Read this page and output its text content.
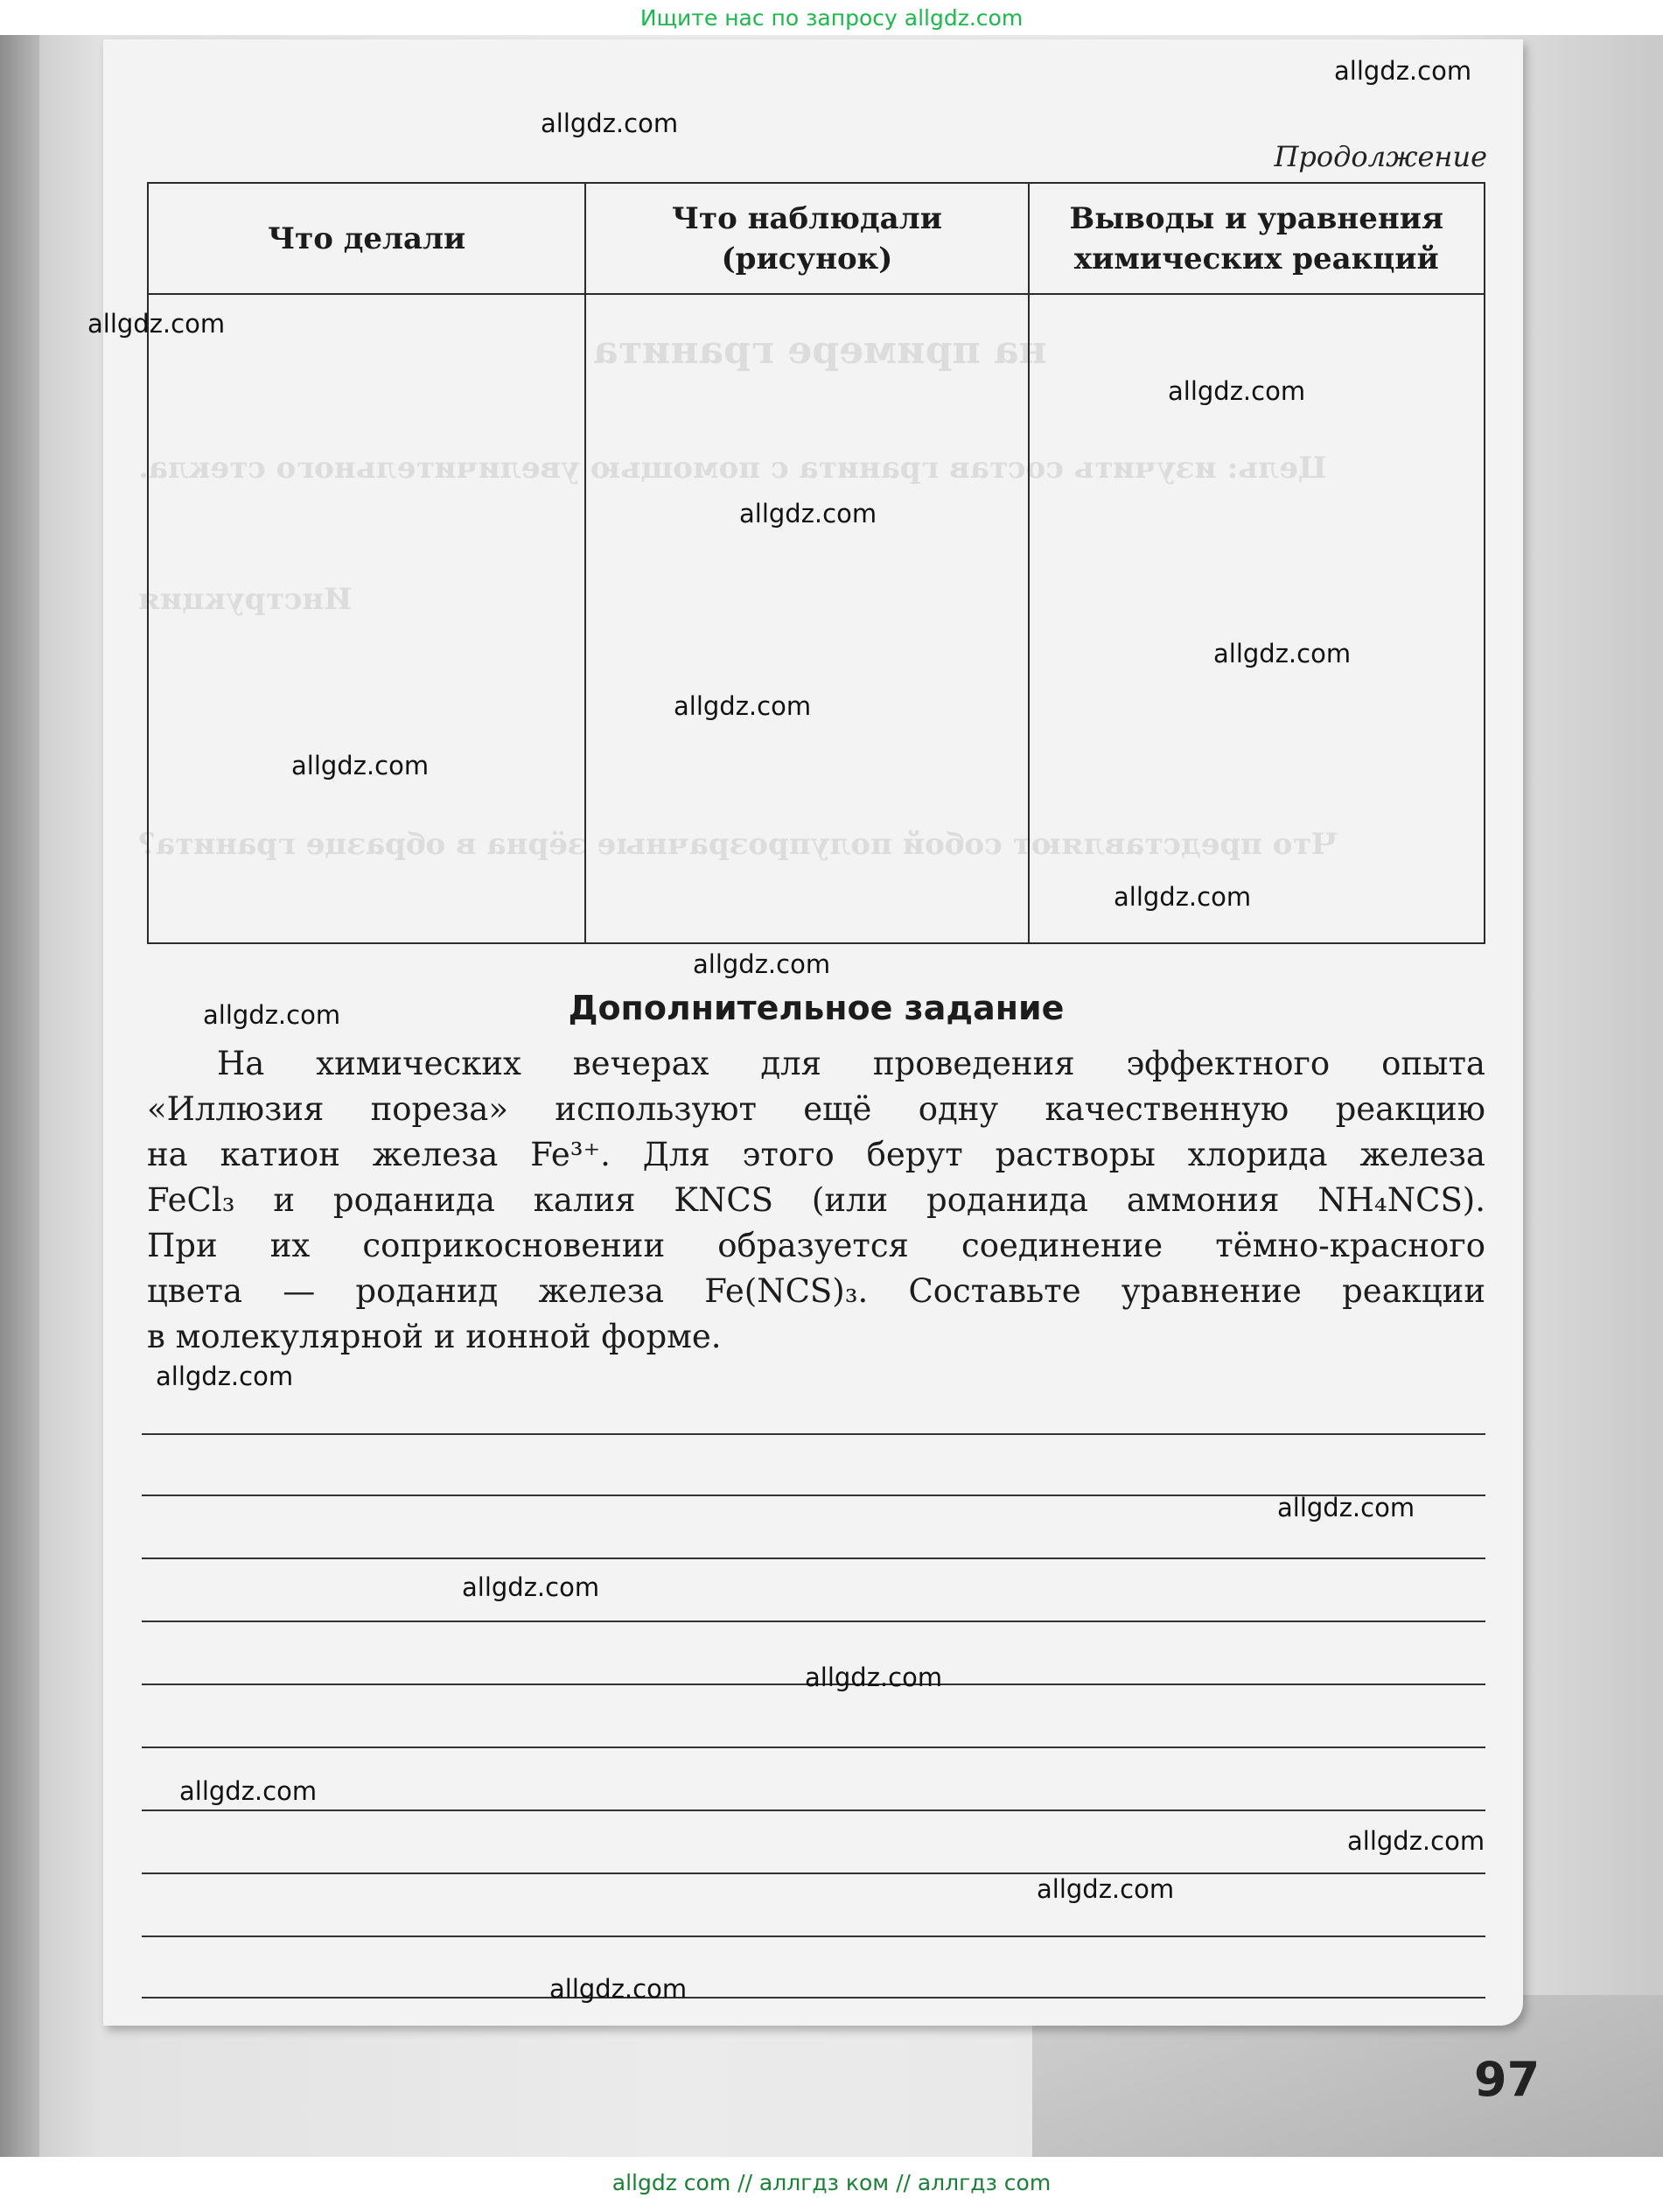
на примере гранита
Цель: изучить состав гранита с помощью увеличительного стекла.
Инструкция
Что представляют собой полупрозрачные зёрна в образце гранита?
Ищите нас по запросу allgdz.com
Продолжение
Что делали	Что наблюдали (рисунок)	Выводы и уравнения химических реакций

Дополнительное задание
На химических вечерах для проведения эффектного опыта
«Иллюзия пореза» используют ещё одну качественную реакцию
на катион железа Fe³⁺. Для этого берут растворы хлорида железа
FeCl₃ и роданида калия KNCS (или роданида аммония NH₄NCS).
При их соприкосновении образуется соединение тёмно-красного
цвета — роданид железа Fe(NCS)₃. Составьте уравнение реакции
в молекулярной и ионной форме.
allgdz.com
allgdz.com
allgdz.com
allgdz.com
allgdz.com
allgdz.com
allgdz.com
allgdz.com
allgdz.com
allgdz.com
allgdz.com
allgdz.com
allgdz.com
allgdz.com
allgdz.com
allgdz.com
allgdz.com
allgdz.com
allgdz.com
97
allgdz com // аллгдз ком // аллгдз com
